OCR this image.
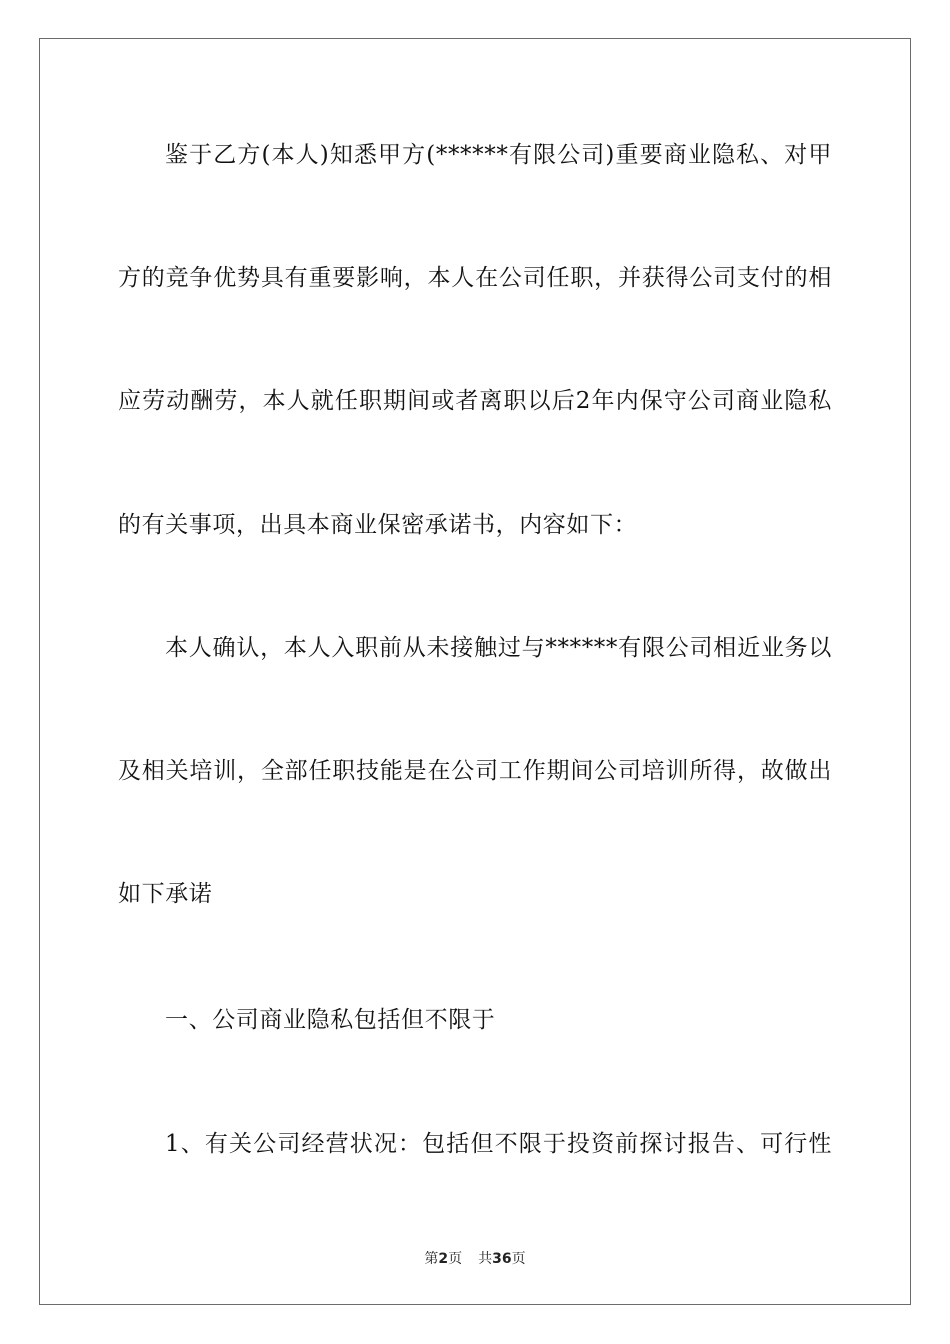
鉴于乙方(本人)知悉甲方(******有限公司)重要商业隐私、对甲
方的竞争优势具有重要影响，本人在公司任职，并获得公司支付的相
应劳动酬劳，本人就任职期间或者离职以后2年内保守公司商业隐私
的有关事项，出具本商业保密承诺书，内容如下：
本人确认，本人入职前从未接触过与******有限公司相近业务以
及相关培训，全部任职技能是在公司工作期间公司培训所得，故做出
如下承诺
一、公司商业隐私包括但不限于
1、有关公司经营状况：包括但不限于投资前探讨报告、可行性
第2页 共36页
